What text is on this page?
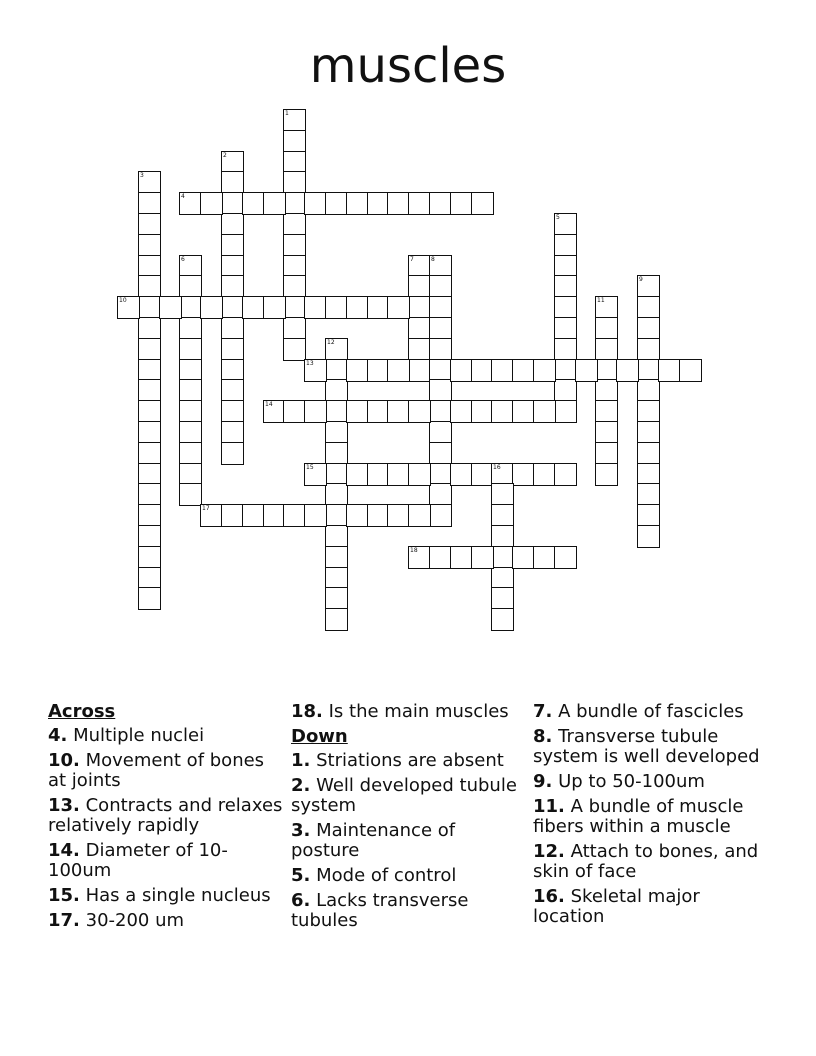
muscles
1
2
3
4
5
6	7	8
9
10	11
12
13
14
15	16
17
18
Across
4. Multiple nuclei
10. Movement of bones at joints
13. Contracts and relaxes relatively rapidly
14. Diameter of 10-100um
15. Has a single nucleus
17. 30-200 um
18. Is the main muscles
Down
1. Striations are absent
2. Well developed tubule system
3. Maintenance of posture
5. Mode of control
6. Lacks transverse tubules
7. A bundle of fascicles
8. Transverse tubule system is well developed
9. Up to 50-100um
11. A bundle of muscle fibers within a muscle
12. Attach to bones, and skin of face
16. Skeletal major location
